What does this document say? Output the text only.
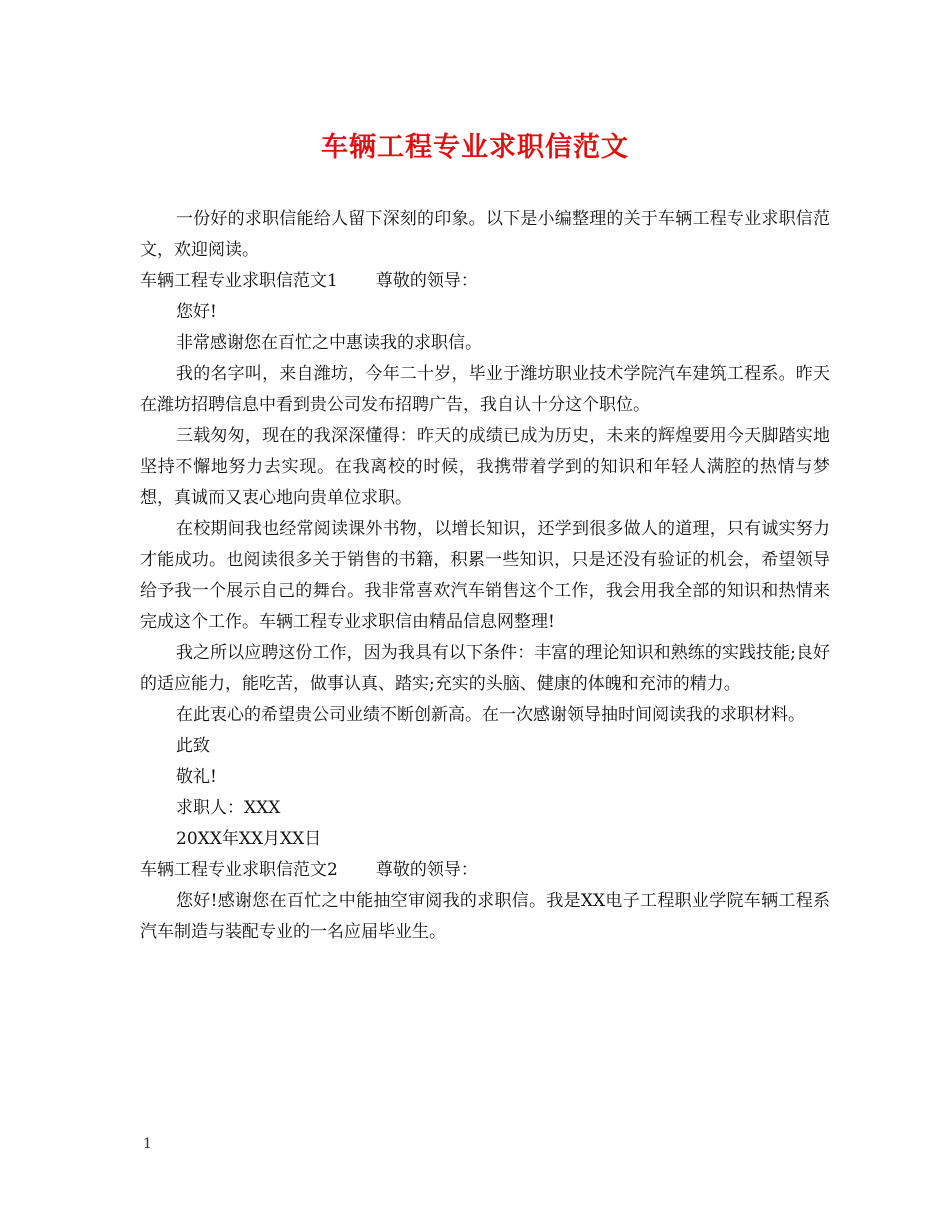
车辆工程专业求职信范文

一份好的求职信能给人留下深刻的印象。以下是小编整理的关于车辆工程专业求职信范文，欢迎阅读。

车辆工程专业求职信范文1 尊敬的领导：

您好!

非常感谢您在百忙之中惠读我的求职信。

我的名字叫，来自潍坊，今年二十岁，毕业于潍坊职业技术学院汽车建筑工程系。昨天在潍坊招聘信息中看到贵公司发布招聘广告，我自认十分这个职位。

三载匆匆，现在的我深深懂得：昨天的成绩已成为历史，未来的辉煌要用今天脚踏实地坚持不懈地努力去实现。在我离校的时候，我携带着学到的知识和年轻人满腔的热情与梦想，真诚而又衷心地向贵单位求职。

在校期间我也经常阅读课外书物，以增长知识，还学到很多做人的道理，只有诚实努力才能成功。也阅读很多关于销售的书籍，积累一些知识，只是还没有验证的机会，希望领导给予我一个展示自己的舞台。我非常喜欢汽车销售这个工作，我会用我全部的知识和热情来完成这个工作。车辆工程专业求职信由精品信息网整理!

我之所以应聘这份工作，因为我具有以下条件：丰富的理论知识和熟练的实践技能;良好的适应能力，能吃苦，做事认真、踏实;充实的头脑、健康的体魄和充沛的精力。

在此衷心的希望贵公司业绩不断创新高。在一次感谢领导抽时间阅读我的求职材料。

此致

敬礼!

求职人：XXX

20XX年XX月XX日

车辆工程专业求职信范文2 尊敬的领导：

您好!感谢您在百忙之中能抽空审阅我的求职信。我是XX电子工程职业学院车辆工程系汽车制造与装配专业的一名应届毕业生。

1
